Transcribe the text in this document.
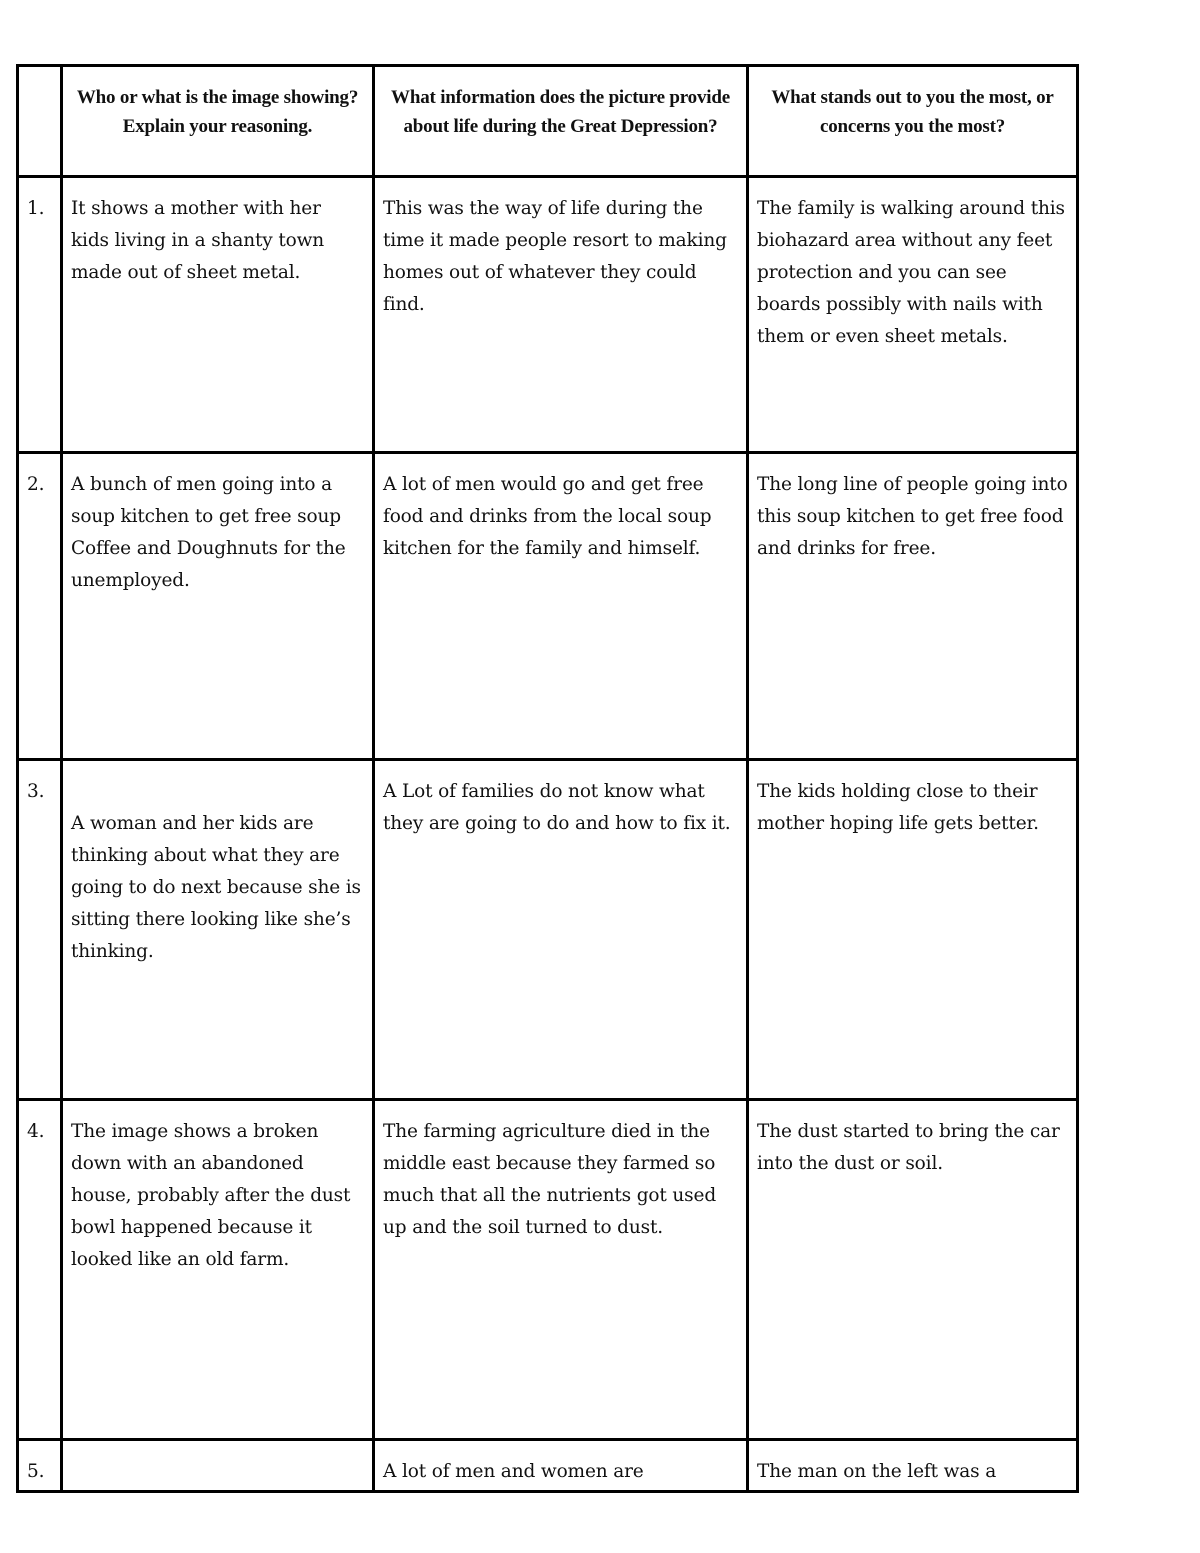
	Who or what is the image showing? Explain your reasoning.	What information does the picture provide about life during the Great Depression?	What stands out to you the most, or concerns you the most?

1.	It shows a mother with her kids living in a shanty town made out of sheet metal.	This was the way of life during the time it made people resort to making homes out of whatever they could find.	The family is walking around this biohazard area without any feet protection and you can see boards possibly with nails with them or even sheet metals.

2.	A bunch of men going into a soup kitchen to get free soup Coffee and Doughnuts for the unemployed.	A lot of men would go and get free food and drinks from the local soup kitchen for the family and himself.	The long line of people going into this soup kitchen to get free food and drinks for free.

3.	A woman and her kids are thinking about what they are going to do next because she is sitting there looking like she’s thinking.	A Lot of families do not know what they are going to do and how to fix it.	The kids holding close to their mother hoping life gets better.

4.	The image shows a broken down with an abandoned house, probably after the dust bowl happened because it looked like an old farm.	The farming agriculture died in the middle east because they farmed so much that all the nutrients got used up and the soil turned to dust.	The dust started to bring the car into the dust or soil.

5.		A lot of men and women are	The man on the left was a
